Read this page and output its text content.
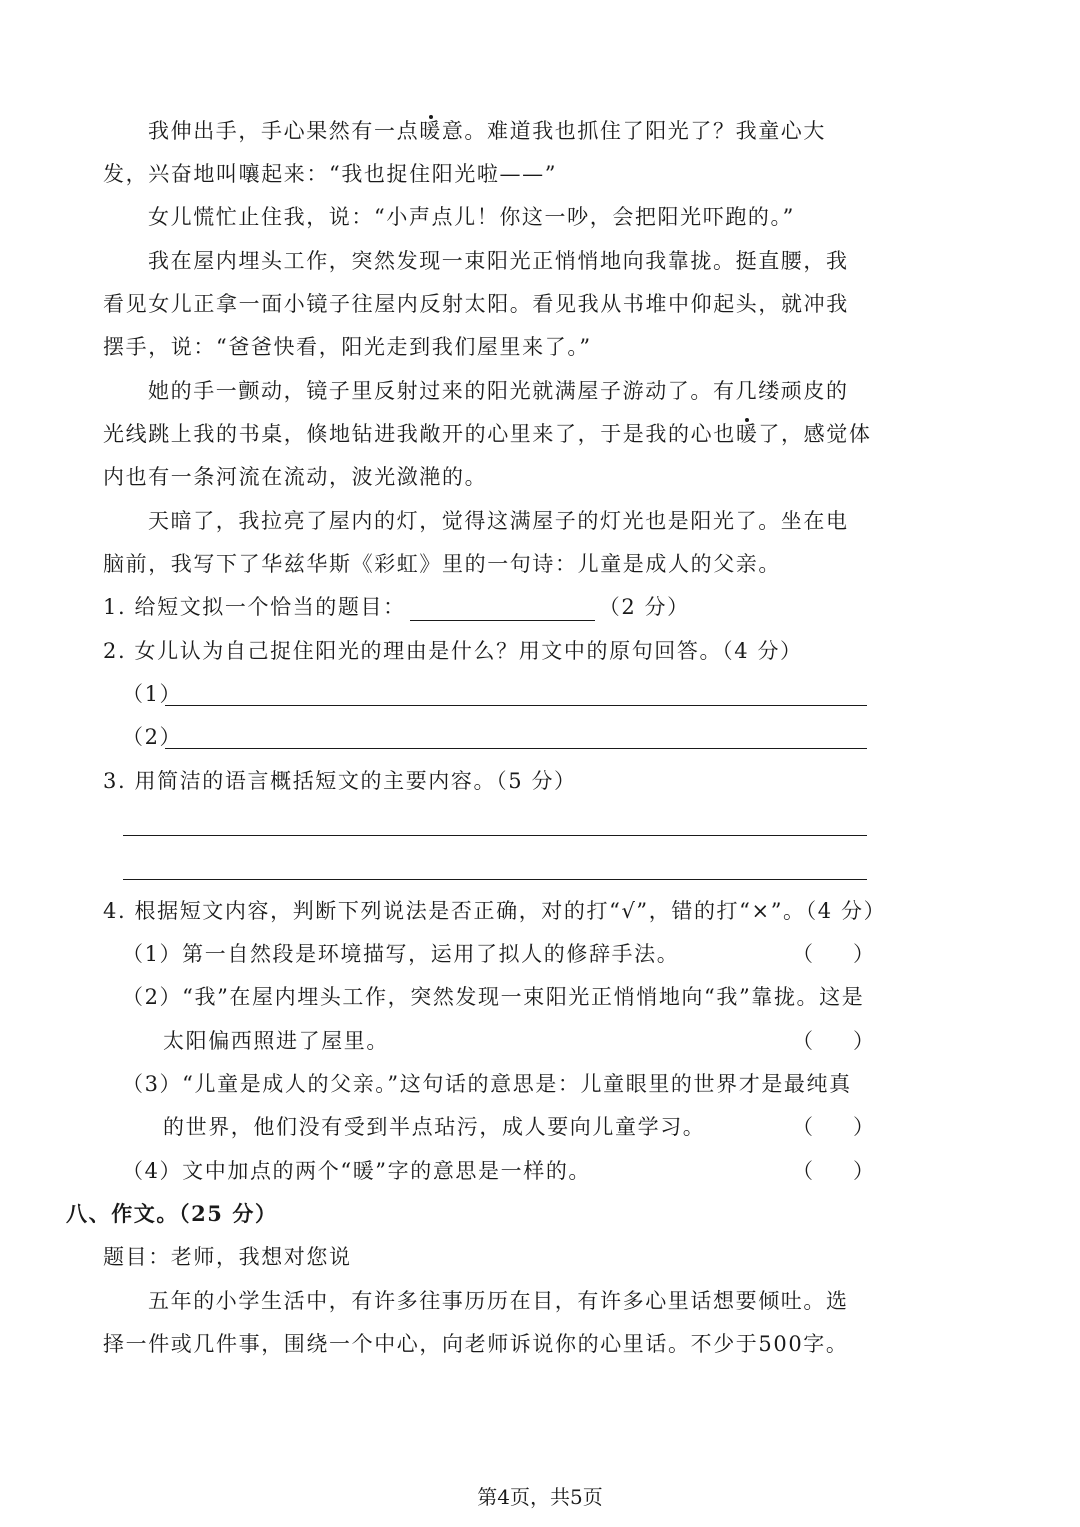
我伸出手，手心果然有一点暖意。难道我也抓住了阳光了？我童心大
发，兴奋地叫嚷起来：“我也捉住阳光啦——”
女儿慌忙止住我，说：“小声点儿！你这一吵，会把阳光吓跑的。”
我在屋内埋头工作，突然发现一束阳光正悄悄地向我靠拢。挺直腰，我
看见女儿正拿一面小镜子往屋内反射太阳。看见我从书堆中仰起头，就冲我
摆手，说：“爸爸快看，阳光走到我们屋里来了。”
她的手一颤动，镜子里反射过来的阳光就满屋子游动了。有几缕顽皮的
光线跳上我的书桌，倏地钻进我敞开的心里来了，于是我的心也暖了，感觉体
内也有一条河流在流动，波光潋滟的。
天暗了，我拉亮了屋内的灯，觉得这满屋子的灯光也是阳光了。坐在电
脑前，我写下了华兹华斯《彩虹》里的一句诗：儿童是成人的父亲。
1. 给短文拟一个恰当的题目：	（2 分）
2. 女儿认为自己捉住阳光的理由是什么？用文中的原句回答。（4 分）
（1）
（2）
3. 用简洁的语言概括短文的主要内容。（5 分）
4. 根据短文内容，判断下列说法是否正确，对的打“√”，错的打“×”。（4 分）
（1）第一自然段是环境描写，运用了拟人的修辞手法。	（      ）
（2）“我”在屋内埋头工作，突然发现一束阳光正悄悄地向“我”靠拢。这是
太阳偏西照进了屋里。	（      ）
（3）“儿童是成人的父亲。”这句话的意思是：儿童眼里的世界才是最纯真
的世界，他们没有受到半点玷污，成人要向儿童学习。	（      ）
（4）文中加点的两个“暖”字的意思是一样的。	（      ）
八、作文。（25 分）
题目：老师，我想对您说
五年的小学生活中，有许多往事历历在目，有许多心里话想要倾吐。选
择一件或几件事，围绕一个中心，向老师诉说你的心里话。不少于500字。
第4页，共5页
